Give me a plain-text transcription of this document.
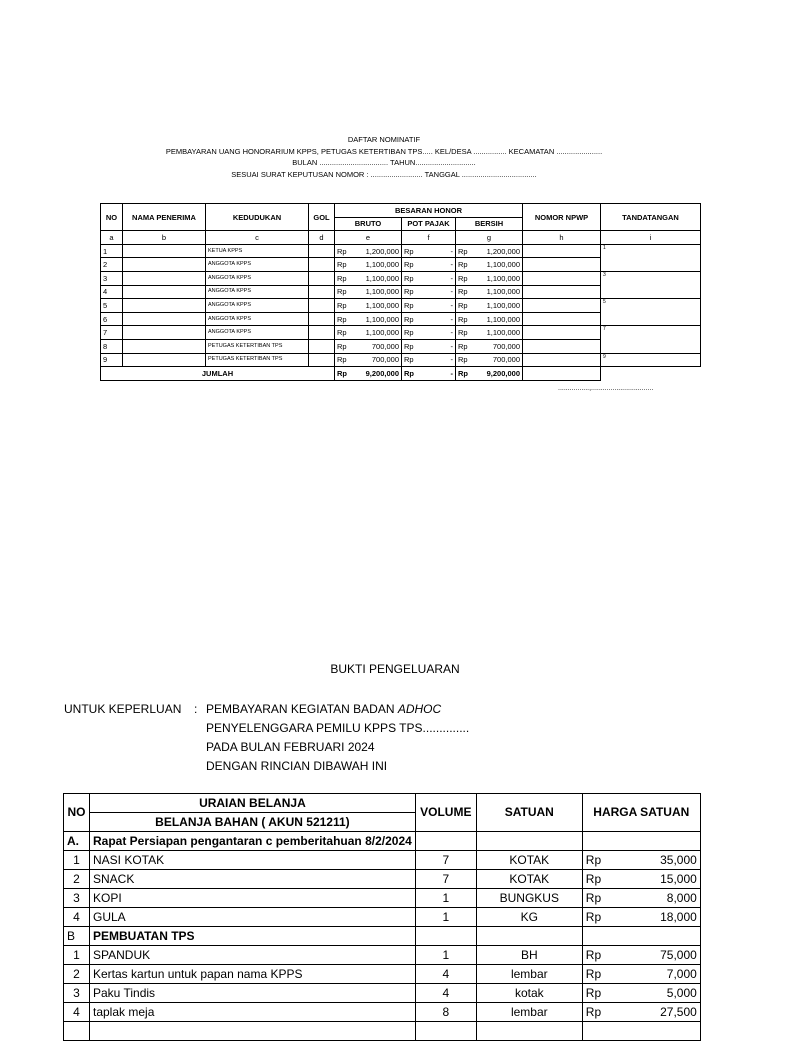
DAFTAR NOMINATIF
PEMBAYARAN UANG HONORARIUM KPPS, PETUGAS KETERTIBAN TPS..... KEL/DESA ................ KECAMATAN ......................
BULAN ................................. TAHUN.............................
SESUAI SURAT KEPUTUSAN NOMOR : ......................... TANGGAL ....................................
NO	NAMA PENERIMA	KEDUDUKAN	GOL	BESARAN HONOR			NOMOR NPWP	TANDATANGAN
				BRUTO	POT PAJAK	BERSIH		
a	b	c	d	e	f	g	h	i
1		KETUA KPPS		Rp 1,200,000	Rp -	Rp 1,200,000		1
2		ANGGOTA KPPS		Rp 1,100,000	Rp -	Rp 1,100,000		

3		ANGGOTA KPPS		Rp 1,100,000	Rp -	Rp 1,100,000		3
4		ANGGOTA KPPS		Rp 1,100,000	Rp -	Rp 1,100,000		

5		ANGGOTA KPPS		Rp 1,100,000	Rp -	Rp 1,100,000		5
6		ANGGOTA KPPS		Rp 1,100,000	Rp -	Rp 1,100,000		

7		ANGGOTA KPPS		Rp 1,100,000	Rp -	Rp 1,100,000		7
8		PETUGAS KETERTIBAN TPS		Rp 700,000	Rp -	Rp 700,000		

9		PETUGAS KETERTIBAN TPS		Rp 700,000	Rp -	Rp 700,000		9
JUMLAH				Rp 9,200,000	Rp -	Rp 9,200,000		

................,................................
BUKTI PENGELUARAN
UNTUK KEPERLUAN : PEMBAYARAN KEGIATAN BADAN ADHOC
PENYELENGGARA PEMILU KPPS TPS..............
PADA BULAN FEBRUARI 2024
DENGAN RINCIAN DIBAWAH INI
NO	URAIAN BELANJA	VOLUME	SATUAN	HARGA SATUAN
	BELANJA BAHAN ( AKUN 521211)			
A.	Rapat Persiapan pengantaran c pemberitahuan 8/2/2024			
1	NASI KOTAK	7	KOTAK	Rp 35,000

2	SNACK	7	KOTAK	Rp 15,000

3	KOPI	1	BUNGKUS	Rp 8,000

4	GULA	1	KG	Rp 18,000

B	PEMBUATAN TPS			
1	SPANDUK	1	BH	Rp 75,000

2	Kertas kartun untuk papan nama KPPS	4	lembar	Rp 7,000

3	Paku Tindis	4	kotak	Rp 5,000

4	taplak meja	8	lembar	Rp 27,500
